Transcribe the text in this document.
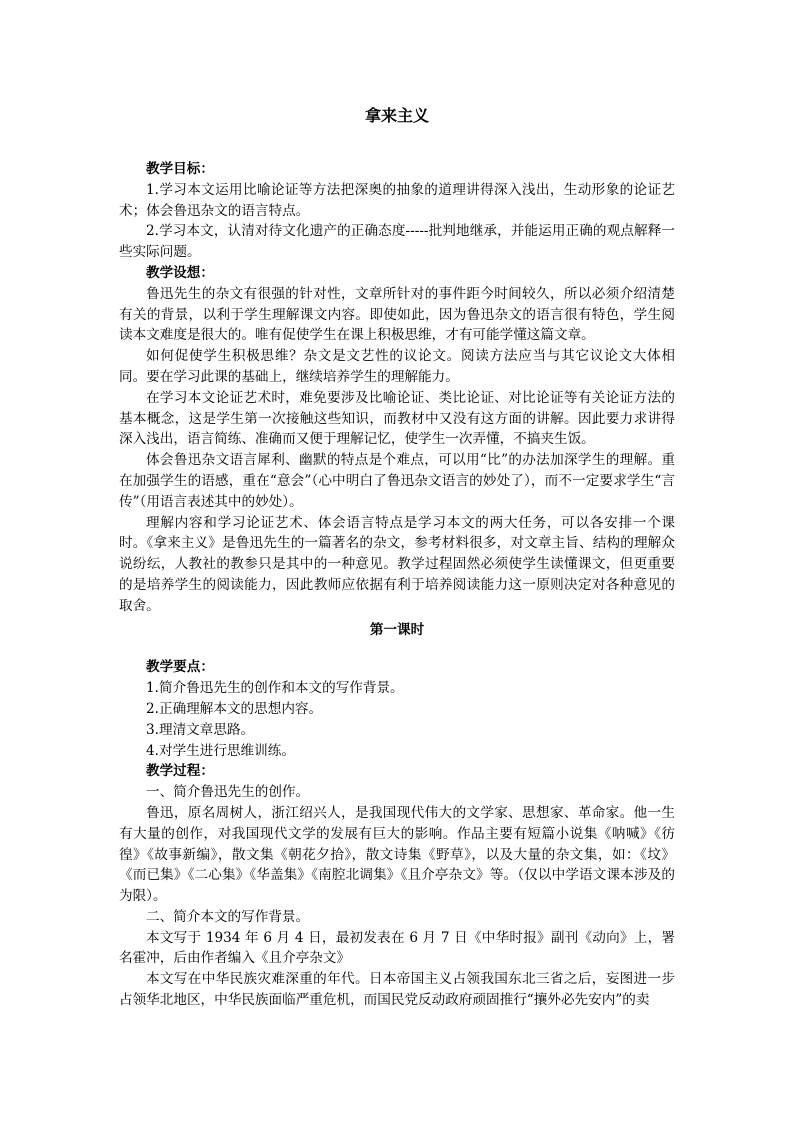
拿来主义

教学目标：

1.学习本文运用比喻论证等方法把深奥的抽象的道理讲得深入浅出，生动形象的论证艺术；体会鲁迅杂文的语言特点。

2.学习本文，认清对待文化遗产的正确态度-----批判地继承，并能运用正确的观点解释一些实际问题。

教学设想：

鲁迅先生的杂文有很强的针对性，文章所针对的事件距今时间较久，所以必须介绍清楚有关的背景，以利于学生理解课文内容。即使如此，因为鲁迅杂文的语言很有特色，学生阅读本文难度是很大的。唯有促使学生在课上积极思维，才有可能学懂这篇文章。

如何促使学生积极思维？杂文是文艺性的议论文。阅读方法应当与其它议论文大体相同。要在学习此课的基础上，继续培养学生的理解能力。

在学习本文论证艺术时，难免要涉及比喻论证、类比论证、对比论证等有关论证方法的基本概念，这是学生第一次接触这些知识，而教材中又没有这方面的讲解。因此要力求讲得深入浅出，语言简练、准确而又便于理解记忆，使学生一次弄懂，不搞夹生饭。

体会鲁迅杂文语言犀利、幽默的特点是个难点，可以用“比”的办法加深学生的理解。重在加强学生的语感，重在“意会”（心中明白了鲁迅杂文语言的妙处了），而不一定要求学生“言传”（用语言表述其中的妙处）。

理解内容和学习论证艺术、体会语言特点是学习本文的两大任务，可以各安排一个课时。《拿来主义》是鲁迅先生的一篇著名的杂文，参考材料很多，对文章主旨、结构的理解众说纷纭，人教社的教参只是其中的一种意见。教学过程固然必须使学生读懂课文，但更重要的是培养学生的阅读能力，因此教师应依据有利于培养阅读能力这一原则决定对各种意见的取舍。

第一课时

教学要点：

1.简介鲁迅先生的创作和本文的写作背景。

2.正确理解本文的思想内容。

3.理清文章思路。

4.对学生进行思维训练。

教学过程：

一、简介鲁迅先生的创作。

鲁迅，原名周树人，浙江绍兴人，是我国现代伟大的文学家、思想家、革命家。他一生有大量的创作，对我国现代文学的发展有巨大的影响。作品主要有短篇小说集《呐喊》《彷徨》《故事新编》，散文集《朝花夕拾》，散文诗集《野草》，以及大量的杂文集，如：《坟》《而已集》《二心集》《华盖集》《南腔北调集》《且介亭杂文》等。（仅以中学语文课本涉及的为限）。

二、简介本文的写作背景。

本文写于 1934 年 6 月 4 日，最初发表在 6 月 7 日《中华时报》副刊《动向》上，署名霍冲，后由作者编入《且介亭杂文》

本文写在中华民族灾难深重的年代。日本帝国主义占领我国东北三省之后，妄图进一步占领华北地区，中华民族面临严重危机，而国民党反动政府顽固推行“攘外必先安内”的卖
